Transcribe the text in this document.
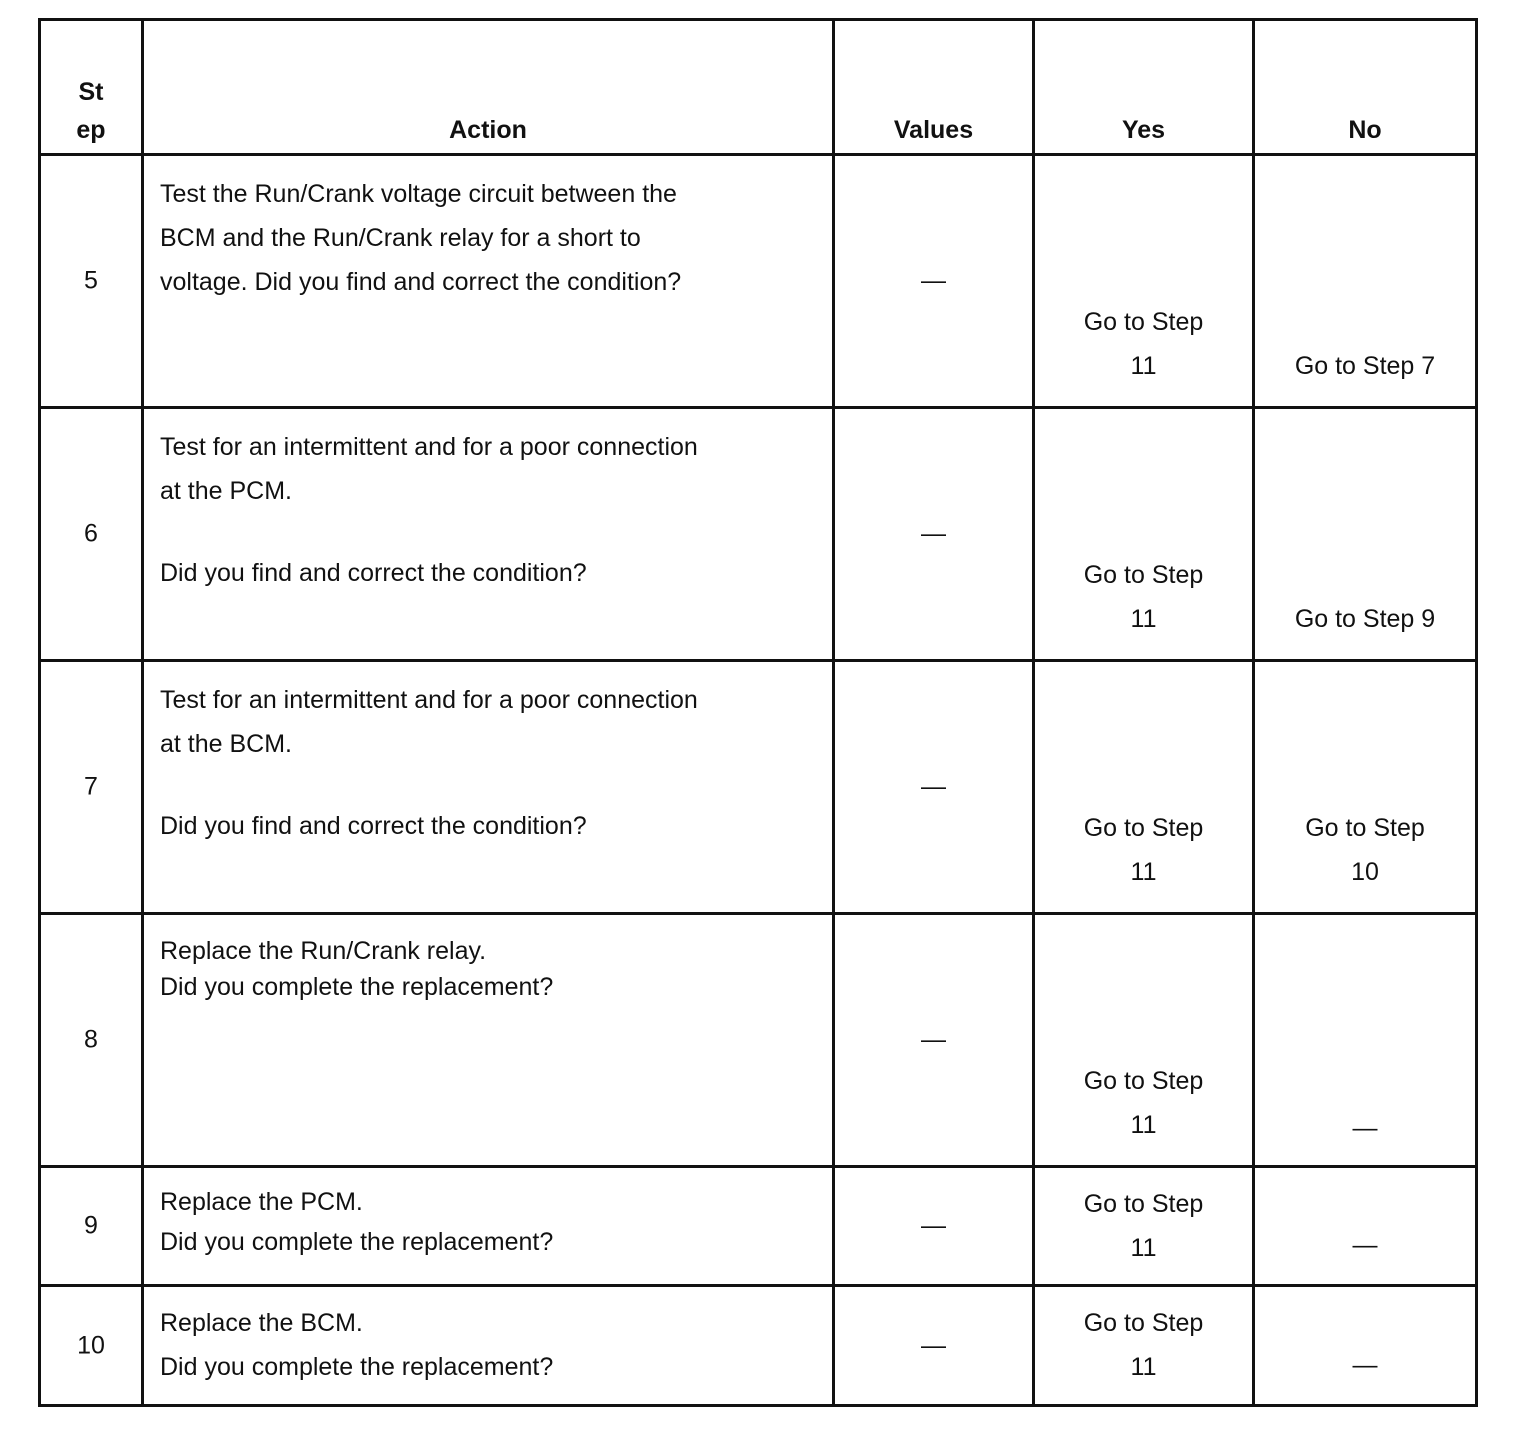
St
ep	Action	Values	Yes	No

5	Test the Run/Crank voltage circuit between the
BCM and the Run/Crank relay for a short to
voltage. Did you find and correct the condition?	—	Go to Step
11	Go to Step 7

6	Test for an intermittent and for a poor connection
at the PCM.
Did you find and correct the condition?	—	Go to Step
11	Go to Step 9

7	Test for an intermittent and for a poor connection
at the BCM.
Did you find and correct the condition?	—	Go to Step
11	Go to Step
10

8	Replace the Run/Crank relay.
Did you complete the replacement?	—	Go to Step
11	—

9	Replace the PCM.
Did you complete the replacement?	—	Go to Step
11	—

10	Replace the BCM.
Did you complete the replacement?	—	Go to Step
11	—
